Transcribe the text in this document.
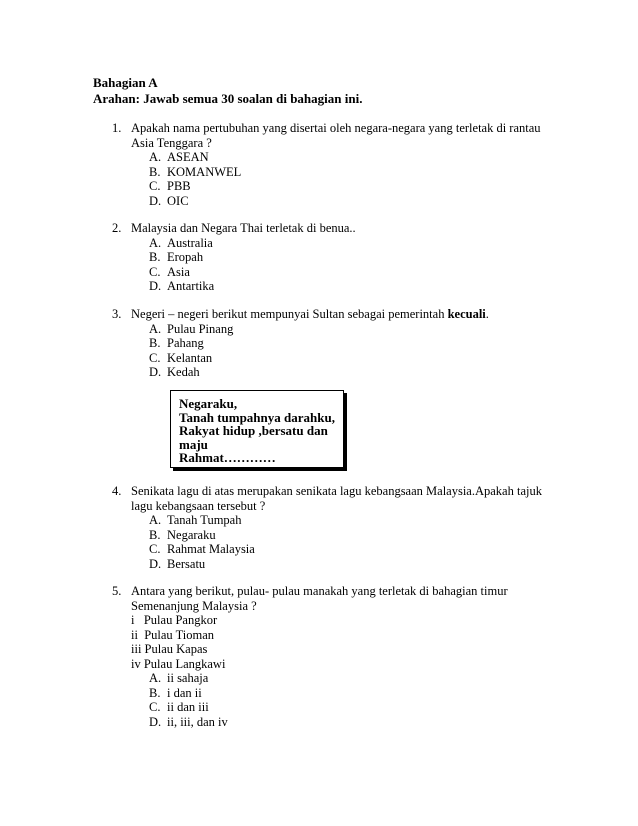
Bahagian A
Arahan: Jawab semua 30 soalan di bahagian ini.
1. Apakah nama pertubuhan yang disertai oleh negara-negara yang terletak di rantau
Asia Tenggara ?
A. ASEAN
B. KOMANWEL
C. PBB
D. OIC
2. Malaysia dan Negara Thai terletak di benua..
A. Australia
B. Eropah
C. Asia
D. Antartika
3. Negeri – negeri berikut mempunyai Sultan sebagai pemerintah kecuali.
A. Pulau Pinang
B. Pahang
C. Kelantan
D. Kedah
Negaraku,
Tanah tumpahnya darahku,
Rakyat hidup ,bersatu dan
maju
Rahmat…………
4. Senikata lagu di atas merupakan senikata lagu kebangsaan Malaysia.Apakah tajuk
lagu kebangsaan tersebut ?
A. Tanah Tumpah
B. Negaraku
C. Rahmat Malaysia
D. Bersatu
5. Antara yang berikut, pulau- pulau manakah yang terletak di bahagian timur
Semenanjung Malaysia ?
i   Pulau Pangkor
ii  Pulau Tioman
iii Pulau Kapas
iv Pulau Langkawi
A. ii sahaja
B. i dan ii
C. ii dan iii
D. ii, iii, dan iv
